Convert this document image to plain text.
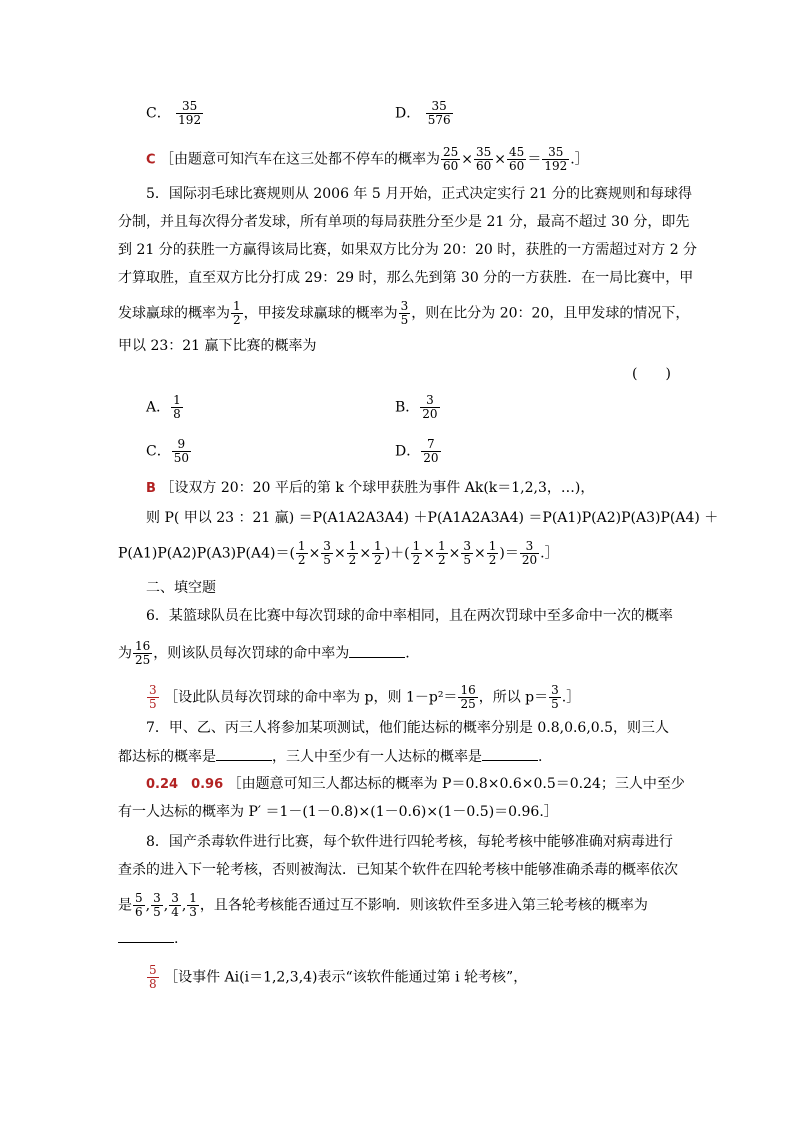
C． $\frac{35}{192}$	D． $\frac{35}{576}$
C ［由题意可知汽车在这三处都不停车的概率为 $\frac{25}{60} \times \frac{35}{60} \times \frac{45}{60} = \frac{35}{192}$ .］
5．国际羽毛球比赛规则从 2006 年 5 月开始，正式决定实行 21 分的比赛规则和每球得
分制，并且每次得分者发球，所有单项的每局获胜分至少是 21 分，最高不超过 30 分，即先
到 21 分的获胜一方赢得该局比赛，如果双方比分为 20：20 时，获胜的一方需超过对方 2 分
才算取胜，直至双方比分打成 29：29 时，那么先到第 30 分的一方获胜．在一局比赛中，甲
发球赢球的概率为 $\frac{1}{2}$ ，甲接发球赢球的概率为 $\frac{3}{5}$ ，则在比分为 20：20，且甲发球的情况下，
甲以 23：21 赢下比赛的概率为
(　　)
A． $\frac{1}{8}$	B． $\frac{3}{20}$
C． $\frac{9}{50}$	D． $\frac{7}{20}$
B ［设双方 20：20 平后的第 k 个球甲获胜为事件 Ak(k＝1,2,3，…)，
则 P( 甲以 23 ：21 赢) ＝P(A1A2A3A4) ＋P(A1A2A3A4) ＝P(A1)P(A2)P(A3)P(A4) ＋
$P(A1)P(A2)P(A3)P(A4)=( \frac{1}{2} \times \frac{3}{5} \times \frac{1}{2} \times \frac{1}{2}$ )＋( $\frac{1}{2} \times \frac{1}{2} \times \frac{3}{5} \times \frac{1}{2}$ )＝ $\frac{3}{20}$ .］
二、填空题
6．某篮球队员在比赛中每次罚球的命中率相同，且在两次罚球中至多命中一次的概率
为 $\frac{16}{25}$ ，则该队员每次罚球的命中率为	.
$\frac{3}{5}$ ［设此队员每次罚球的命中率为 p，则 $1-p^2= \frac{16}{25}$ ，所以 $p= \frac{3}{5}$ .］
7．甲、乙、丙三人将参加某项测试，他们能达标的概率分别是 0.8,0.6,0.5，则三人
都达标的概率是	，三人中至少有一人达标的概率是	.
0.24　0.96 ［由题意可知三人都达标的概率为 P＝0.8×0.6×0.5＝0.24；三人中至少
有一人达标的概率为 P′ ＝1－(1－0.8)×(1－0.6)×(1－0.5)＝0.96.］
8．国产杀毒软件进行比赛，每个软件进行四轮考核，每轮考核中能够准确对病毒进行
查杀的进入下一轮考核，否则被淘汰．已知某个软件在四轮考核中能够准确杀毒的概率依次
是 $\frac{5}{6}$ , $\frac{3}{5}$ , $\frac{3}{4}$ , $\frac{1}{3}$ ，且各轮考核能否通过互不影响．则该软件至多进入第三轮考核的概率为
.
$\frac{5}{8}$ ［设事件 Ai(i＝1,2,3,4)表示“该软件能通过第 i 轮考核”，
